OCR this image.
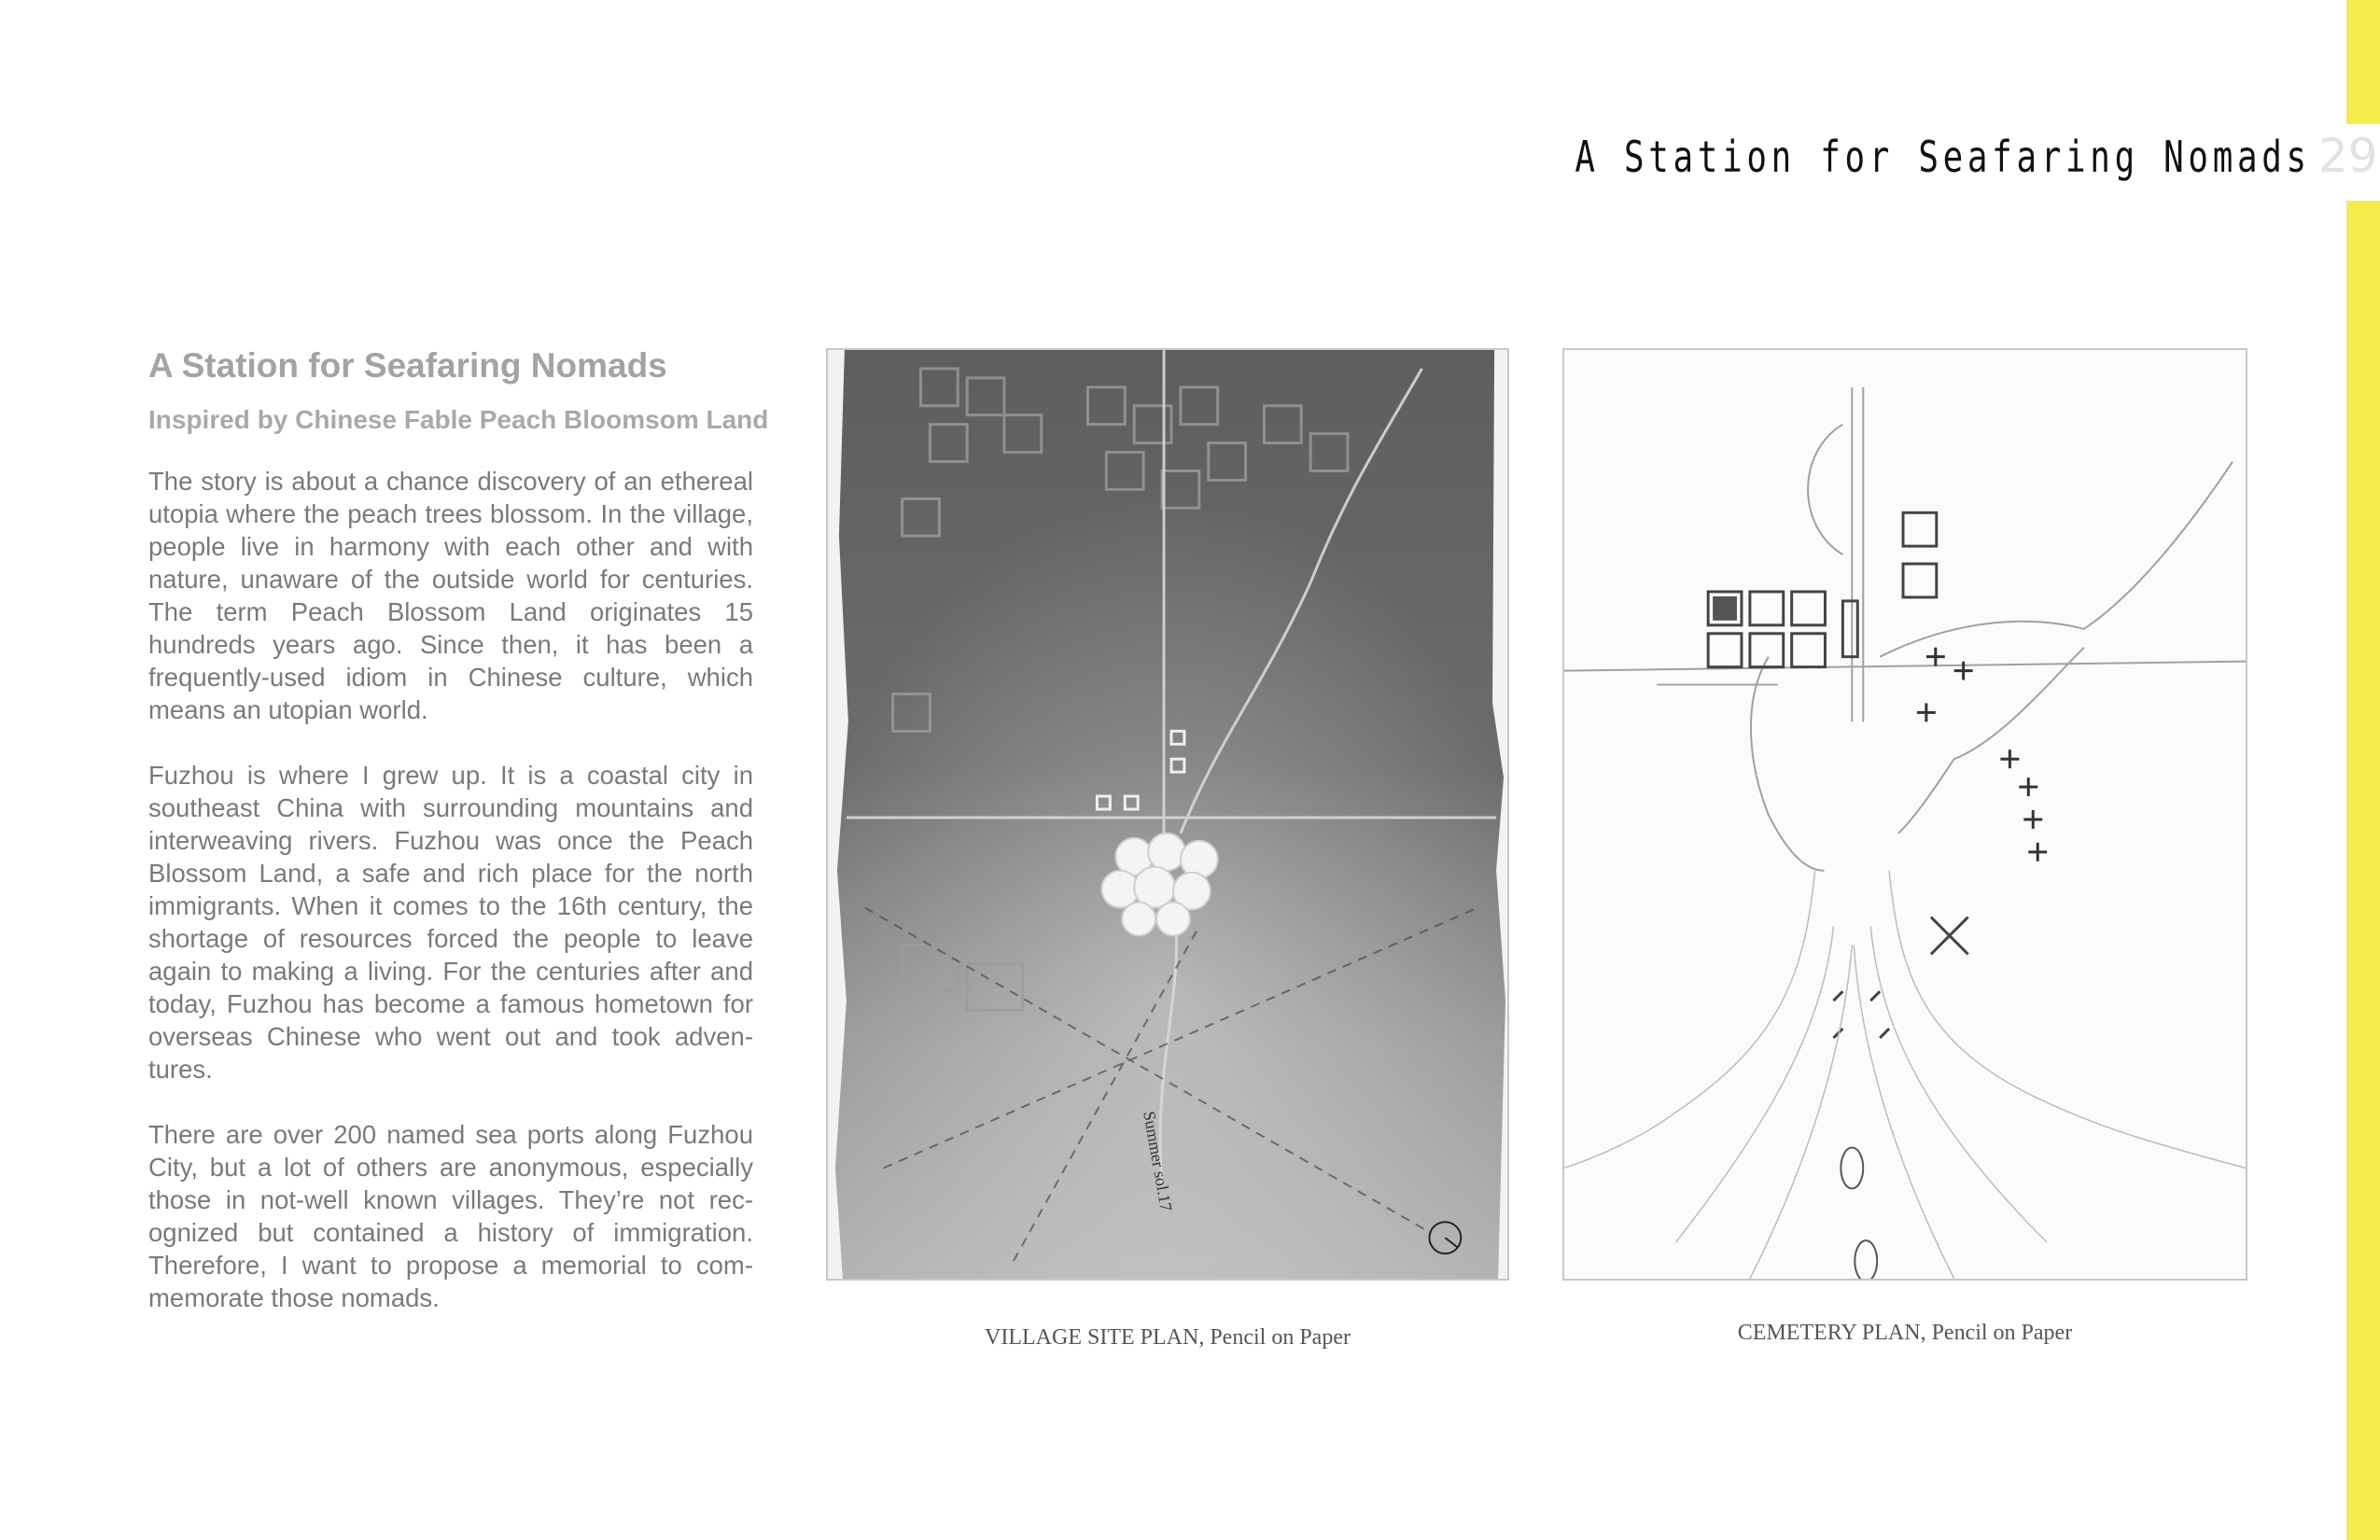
A Station for Seafaring Nomads 29
A Station for Seafaring Nomads
Inspired by Chinese Fable Peach Bloomsom Land

The story is about a chance discovery of an ethereal utopia where the peach trees blossom. In the village, people live in harmony with each other and with nature, unaware of the outside world for centuries. The term Peach Blossom Land originates 15 hundreds years ago. Since then, it has been a frequently-used idiom in Chinese culture, which means an utopian world.

Fuzhou is where I grew up. It is a coastal city in southeast China with surrounding mountains and interweaving rivers. Fuzhou was once the Peach Blossom Land, a safe and rich place for the north immigrants. When it comes to the 16th century, the shortage of resources forced the people to leave again to making a living. For the centuries after and today, Fuzhou has become a famous hometown for overseas Chinese who went out and took adventures.

There are over 200 named sea ports along Fuzhou City, but a lot of others are anonymous, especially those in not-well known villages. They’re not recognized but contained a history of immigration. Therefore, I want to propose a memorial to commemorate those nomads.

Summer sol.17
VILLAGE SITE PLAN, Pencil on Paper	CEMETERY PLAN, Pencil on Paper
